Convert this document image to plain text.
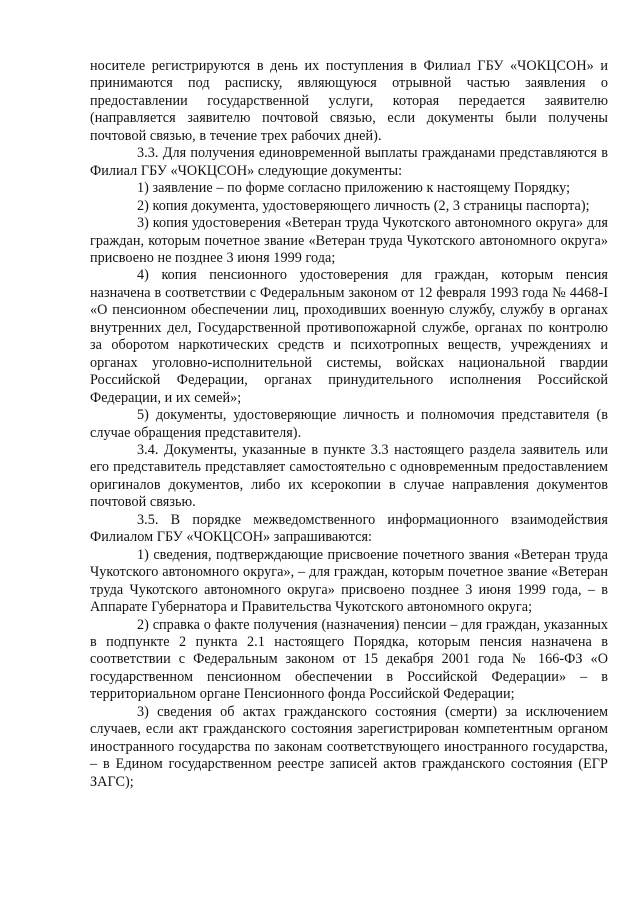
носителе регистрируются в день их поступления в Филиал ГБУ «ЧОКЦСОН» и принимаются под расписку, являющуюся отрывной частью заявления о предоставлении государственной услуги, которая передается заявителю (направляется заявителю почтовой связью, если документы были получены почтовой связью, в течение трех рабочих дней).

3.3. Для получения единовременной выплаты гражданами представляются в Филиал ГБУ «ЧОКЦСОН» следующие документы:

1) заявление – по форме согласно приложению к настоящему Порядку;

2) копия документа, удостоверяющего личность (2, 3 страницы паспорта);

3) копия удостоверения «Ветеран труда Чукотского автономного округа» для граждан, которым почетное звание «Ветеран труда Чукотского автономного округа» присвоено не позднее 3 июня 1999 года;

4) копия пенсионного удостоверения для граждан, которым пенсия назначена в соответствии с Федеральным законом от 12 февраля 1993 года № 4468-I «О пенсионном обеспечении лиц, проходивших военную службу, службу в органах внутренних дел, Государственной противопожарной службе, органах по контролю за оборотом наркотических средств и психотропных веществ, учреждениях и органах уголовно-исполнительной системы, войсках национальной гвардии Российской Федерации, органах принудительного исполнения Российской Федерации, и их семей»;

5) документы, удостоверяющие личность и полномочия представителя (в случае обращения представителя).

3.4. Документы, указанные в пункте 3.3 настоящего раздела заявитель или его представитель представляет самостоятельно с одновременным предоставлением оригиналов документов, либо их ксерокопии в случае направления документов почтовой связью.

3.5. В порядке межведомственного информационного взаимодействия Филиалом ГБУ «ЧОКЦСОН» запрашиваются:

1) сведения, подтверждающие присвоение почетного звания «Ветеран труда Чукотского автономного округа», – для граждан, которым почетное звание «Ветеран труда Чукотского автономного округа» присвоено позднее 3 июня 1999 года, – в Аппарате Губернатора и Правительства Чукотского автономного округа;

2) справка о факте получения (назначения) пенсии – для граждан, указанных в подпункте 2 пункта 2.1 настоящего Порядка, которым пенсия назначена в соответствии с Федеральным законом от 15 декабря 2001 года № 166-ФЗ «О государственном пенсионном обеспечении в Российской Федерации» – в территориальном органе Пенсионного фонда Российской Федерации;

3) сведения об актах гражданского состояния (смерти) за исключением случаев, если акт гражданского состояния зарегистрирован компетентным органом иностранного государства по законам соответствующего иностранного государства, – в Едином государственном реестре записей актов гражданского состояния (ЕГР ЗАГС);
